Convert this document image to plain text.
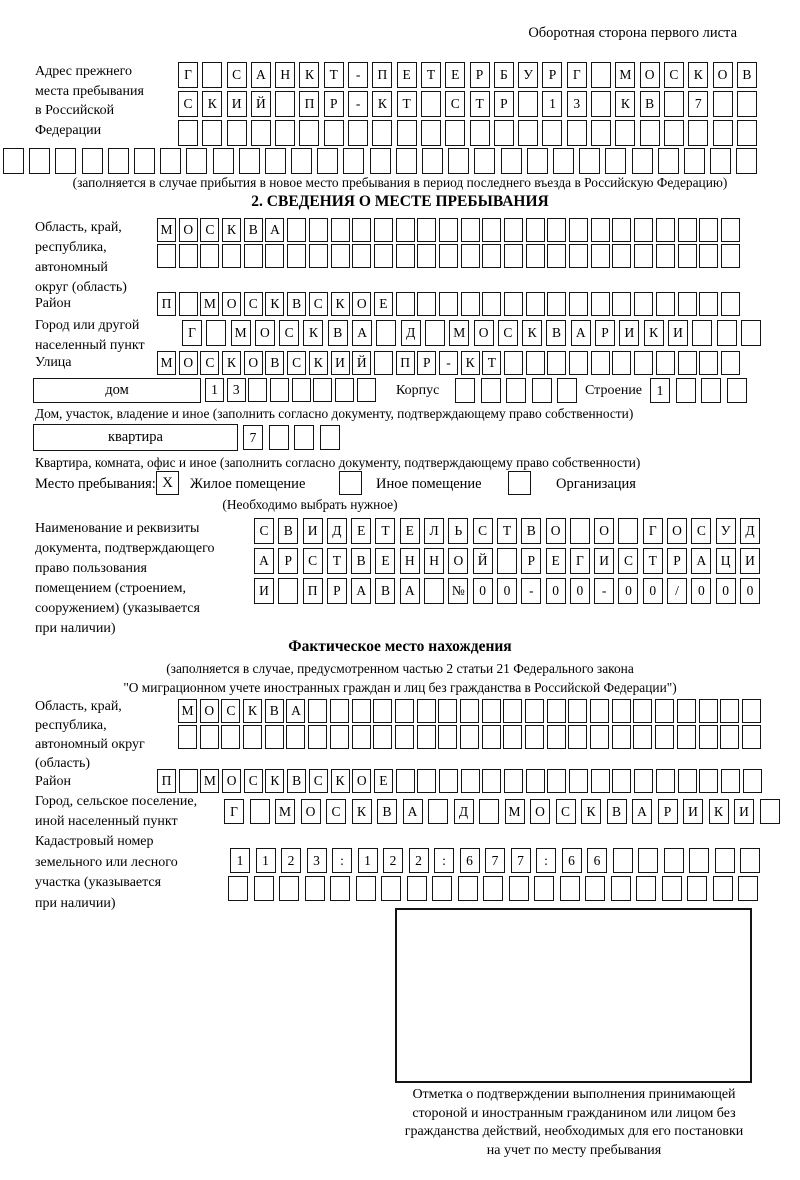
Оборотная сторона первого листа
Адрес прежнего
места пребывания
в Российской
Федерации
Г	С	А	Н	К	Т	-	П	Е	Т	Е	Р	Б	У	Р	Г	М О	С	К	О	В
С	К	И	Й	П	Р	-	К	Т	С	Т	Р	1	3	К	В	7
(заполняется в случае прибытия в новое место пребывания в период последнего въезда в Российскую Федерацию)
2. СВЕДЕНИЯ О МЕСТЕ ПРЕБЫВАНИЯ
Область, край,
республика,
автономный
округ (область)
М О С К В А
Район	П	М О С К В С К О Е
Город или другой
населенный пункт
Г	М О	С	К	В	А	Д	М О	С	К	В	А	Р	И	К	И
Улица	М О С К О В С К И Й	П Р	-	К Т
дом	1	3	Корпус	Строение	1
Дом, участок, владение и иное (заполнить согласно документу, подтверждающему право собственности)
квартира	7
Квартира, комната, офис и иное (заполнить согласно документу, подтверждающему право собственности)
Место пребывания: X	Жилое помещение	Иное помещение	Организация
(Необходимо выбрать нужное)
Наименование и реквизиты
документа, подтверждающего
право пользования
помещением (строением,
сооружением) (указывается
при наличии)
С	В	И	Д	Е	Т	Е	Л	Ь	С	Т	В	О	О	Г	О	С	У	Д
А	Р	С	Т	В	Е	Н	Н	О	Й	Р	Е	Г	И	С	Т	Р	А	Ц	И
И	П	Р	А	В	А	№	0	0	-	0	0	-	0	0	/	0	0	0
Фактическое место нахождения
(заполняется в случае, предусмотренном частью 2 статьи 21 Федерального закона
"О миграционном учете иностранных граждан и лиц без гражданства в Российской Федерации")
Область, край,
республика,
автономный округ
(область)
М О С К В А
Район	П	М О С К В С К О Е
Город, сельское поселение,
иной населенный пункт
Г	М	О	С	К	В	А	Д	М	О	С	К	В	А	Р	И	К	И
Кадастровый номер
земельного или лесного
участка (указывается
при наличии)
1	1	2	3	:	1	2	2	:	6	7	7	:	6	6
Отметка о подтверждении выполнения принимающей
стороной и иностранным гражданином или лицом без
гражданства действий, необходимых для его постановки
на учет по месту пребывания
